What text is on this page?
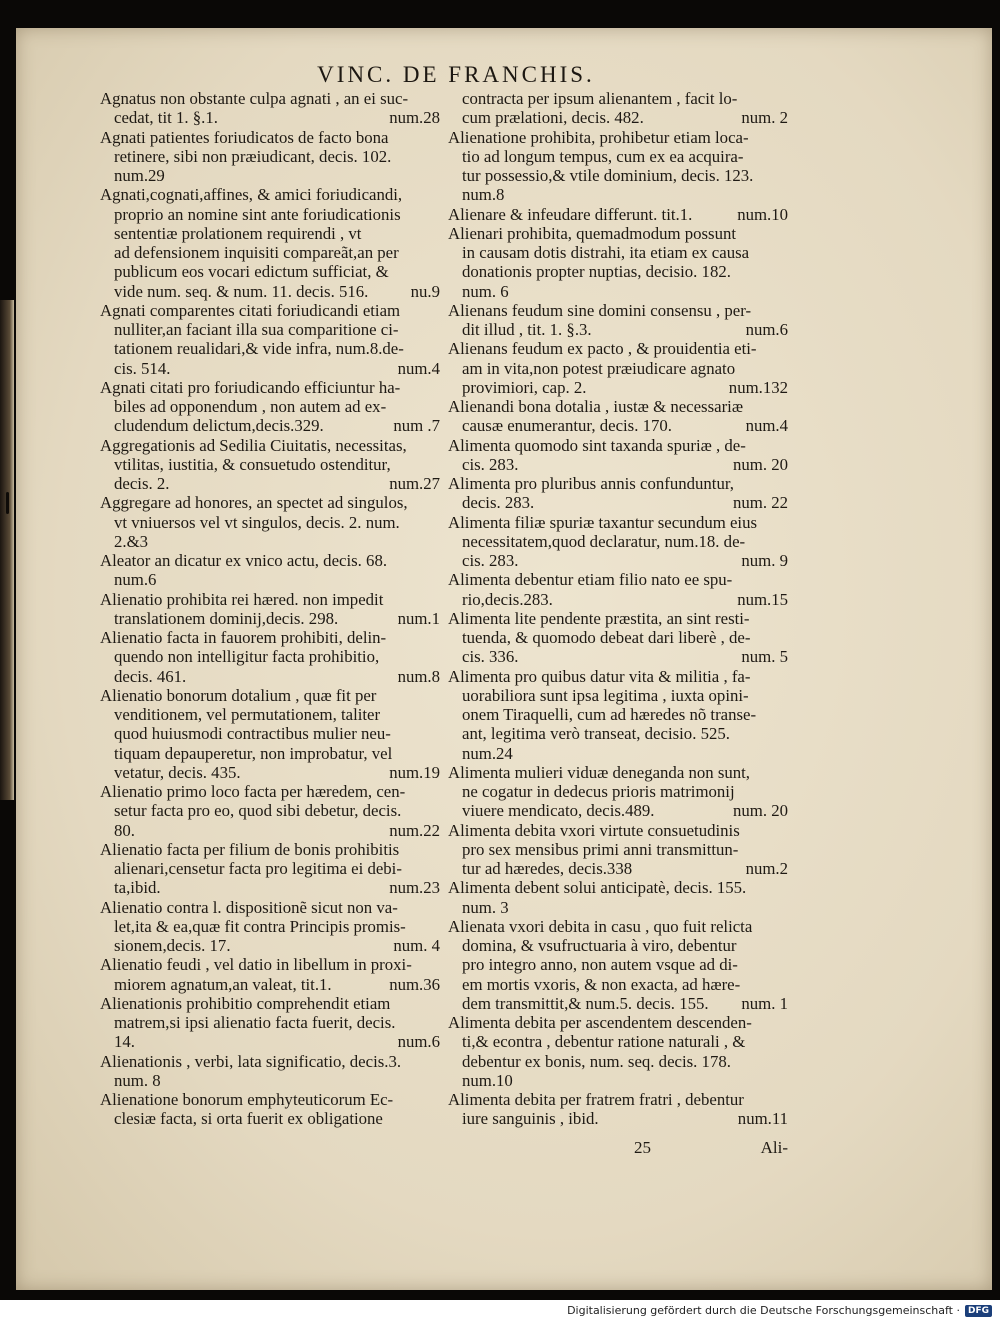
VINC. DE FRANCHIS.
Agnatus non obstante culpa agnati , an ei suc-
cedat, tit 1. §.1.	num.28
Agnati patientes foriudicatos de facto bona
retinere, sibi non præiudicant, decis. 102.
num.29
Agnati,cognati,affines, & amici foriudicandi,
proprio an nomine sint ante foriudicationis
sententiæ prolationem requirendi , vt
ad defensionem inquisiti compareãt,an per
publicum eos vocari edictum sufficiat, &
vide num. seq. & num. 11. decis. 516.	nu.9
Agnati comparentes citati foriudicandi etiam
nulliter,an faciant illa sua comparitione ci-
tationem reualidari,& vide infra, num.8.de-
cis. 514.	num.4
Agnati citati pro foriudicando efficiuntur ha-
biles ad opponendum , non autem ad ex-
cludendum delictum,decis.329.	num .7
Aggregationis ad Sedilia Ciuitatis, necessitas,
vtilitas, iustitia, & consuetudo ostenditur,
decis. 2.	num.27
Aggregare ad honores, an spectet ad singulos,
vt vniuersos vel vt singulos, decis. 2. num.
2.&3
Aleator an dicatur ex vnico actu, decis. 68.
num.6
Alienatio prohibita rei hæred. non impedit
translationem dominij,decis. 298.	num.1
Alienatio facta in fauorem prohibiti, delin-
quendo non intelligitur facta prohibitio,
decis. 461.	num.8
Alienatio bonorum dotalium , quæ fit per
venditionem, vel permutationem, taliter
quod huiusmodi contractibus mulier neu-
tiquam depauperetur, non improbatur, vel
vetatur, decis. 435.	num.19
Alienatio primo loco facta per hæredem, cen-
setur facta pro eo, quod sibi debetur, decis.
80.	num.22
Alienatio facta per filium de bonis prohibitis
alienari,censetur facta pro legitima ei debi-
ta,ibid.	num.23
Alienatio contra l. dispositionẽ sicut non va-
let,ita & ea,quæ fit contra Principis promis-
sionem,decis. 17.	num. 4
Alienatio feudi , vel datio in libellum in proxi-
miorem agnatum,an valeat, tit.1.	num.36
Alienationis prohibitio comprehendit etiam
matrem,si ipsi alienatio facta fuerit, decis.
14.	num.6
Alienationis , verbi, lata significatio, decis.3.
num. 8
Alienatione bonorum emphyteuticorum Ec-
clesiæ facta, si orta fuerit ex obligatione
contracta per ipsum alienantem , facit lo-
cum prælationi, decis. 482.	num. 2
Alienatione prohibita, prohibetur etiam loca-
tio ad longum tempus, cum ex ea acquira-
tur possessio,& vtile dominium, decis. 123.
num.8
Alienare & infeudare differunt. tit.1.	num.10
Alienari prohibita, quemadmodum possunt
in causam dotis distrahi, ita etiam ex causa
donationis propter nuptias, decisio. 182.
num. 6
Alienans feudum sine domini consensu , per-
dit illud , tit. 1. §.3.	num.6
Alienans feudum ex pacto , & prouidentia eti-
am in vita,non potest præiudicare agnato
provimiori, cap. 2.	num.132
Alienandi bona dotalia , iustæ & necessariæ
causæ enumerantur, decis. 170.	num.4
Alimenta quomodo sint taxanda spuriæ , de-
cis. 283.	num. 20
Alimenta pro pluribus annis confunduntur,
decis. 283.	num. 22
Alimenta filiæ spuriæ taxantur secundum eius
necessitatem,quod declaratur, num.18. de-
cis. 283.	num. 9
Alimenta debentur etiam filio nato ee spu-
rio,decis.283.	num.15
Alimenta lite pendente præstita, an sint resti-
tuenda, & quomodo debeat dari liberè , de-
cis. 336.	num. 5
Alimenta pro quibus datur vita & militia , fa-
uorabiliora sunt ipsa legitima , iuxta opini-
onem Tiraquelli, cum ad hæredes nõ transe-
ant, legitima verò transeat, decisio. 525.
num.24
Alimenta mulieri viduæ deneganda non sunt,
ne cogatur in dedecus prioris matrimonij
viuere mendicato, decis.489.	num. 20
Alimenta debita vxori virtute consuetudinis
pro sex mensibus primi anni transmittun-
tur ad hæredes, decis.338	num.2
Alimenta debent solui anticipatè, decis. 155.
num. 3
Alienata vxori debita in casu , quo fuit relicta
domina, & vsufructuaria à viro, debentur
pro integro anno, non autem vsque ad di-
em mortis vxoris, & non exacta, ad hære-
dem transmittit,& num.5. decis. 155.	num. 1
Alimenta debita per ascendentem descenden-
ti,& econtra , debentur ratione naturali , &
debentur ex bonis, num. seq. decis. 178.
num.10
Alimenta debita per fratrem fratri , debentur
iure sanguinis , ibid.	num.11
25	Ali-
Digitalisierung gefördert durch die Deutsche Forschungsgemeinschaft · DFG
